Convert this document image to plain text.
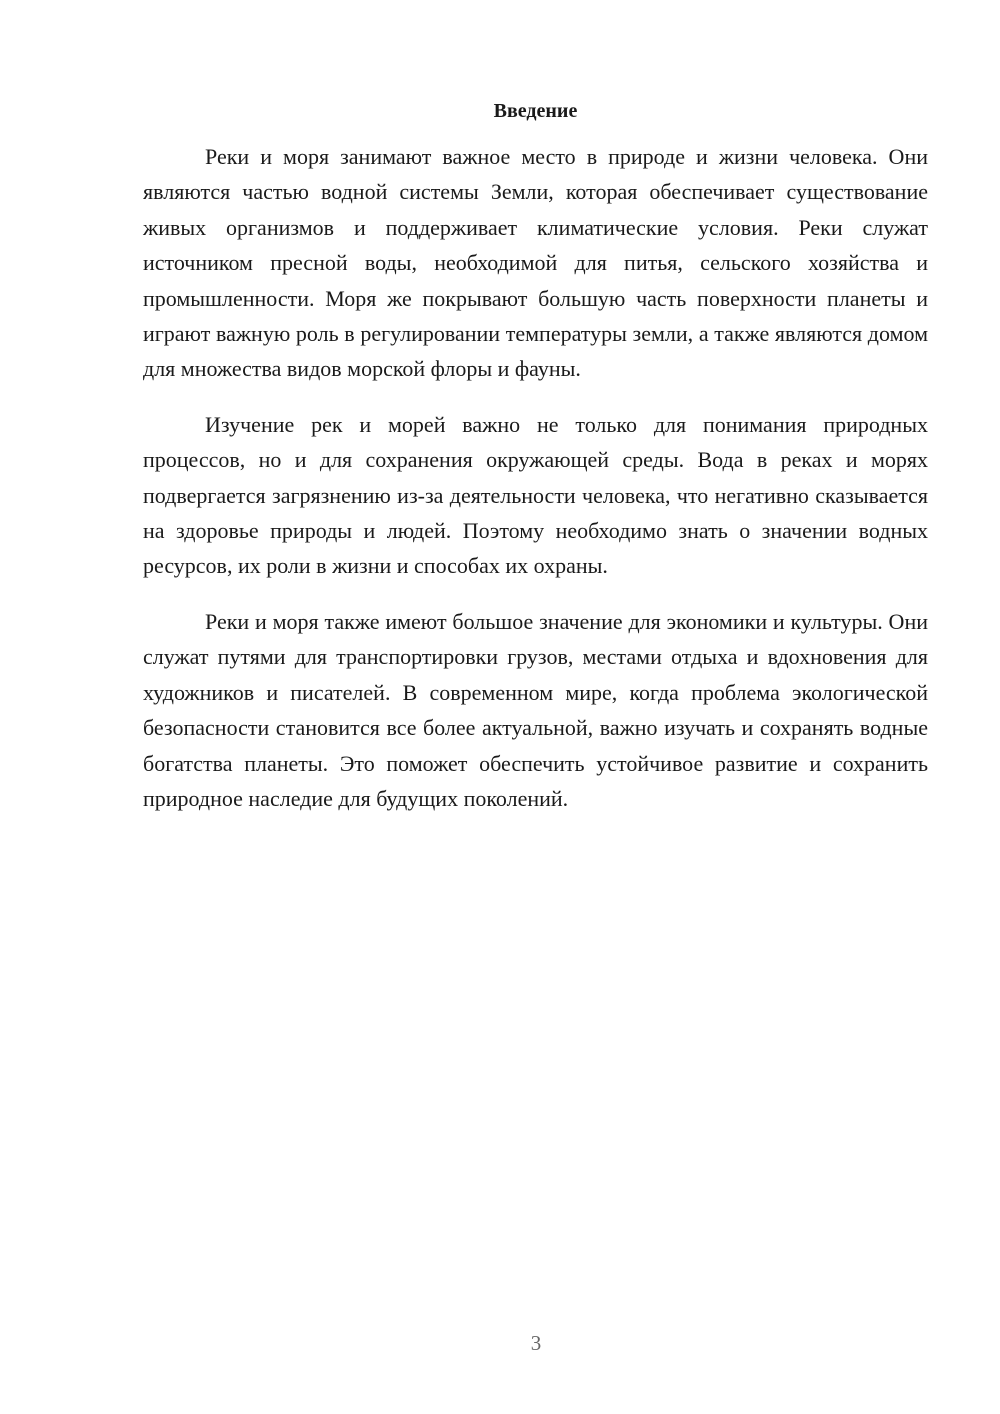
Введение

Реки и моря занимают важное место в природе и жизни человека. Они являются частью водной системы Земли, которая обеспечивает существование живых организмов и поддерживает климатические условия. Реки служат источником пресной воды, необходимой для питья, сельского хозяйства и промышленности. Моря же покрывают большую часть поверхности планеты и играют важную роль в регулировании температуры земли, а также являются домом для множества видов морской флоры и фауны.

Изучение рек и морей важно не только для понимания природных процессов, но и для сохранения окружающей среды. Вода в реках и морях подвергается загрязнению из-за деятельности человека, что негативно сказывается на здоровье природы и людей. Поэтому необходимо знать о значении водных ресурсов, их роли в жизни и способах их охраны.

Реки и моря также имеют большое значение для экономики и культуры. Они служат путями для транспортировки грузов, местами отдыха и вдохновения для художников и писателей. В современном мире, когда проблема экологической безопасности становится все более актуальной, важно изучать и сохранять водные богатства планеты. Это поможет обеспечить устойчивое развитие и сохранить природное наследие для будущих поколений.

3
